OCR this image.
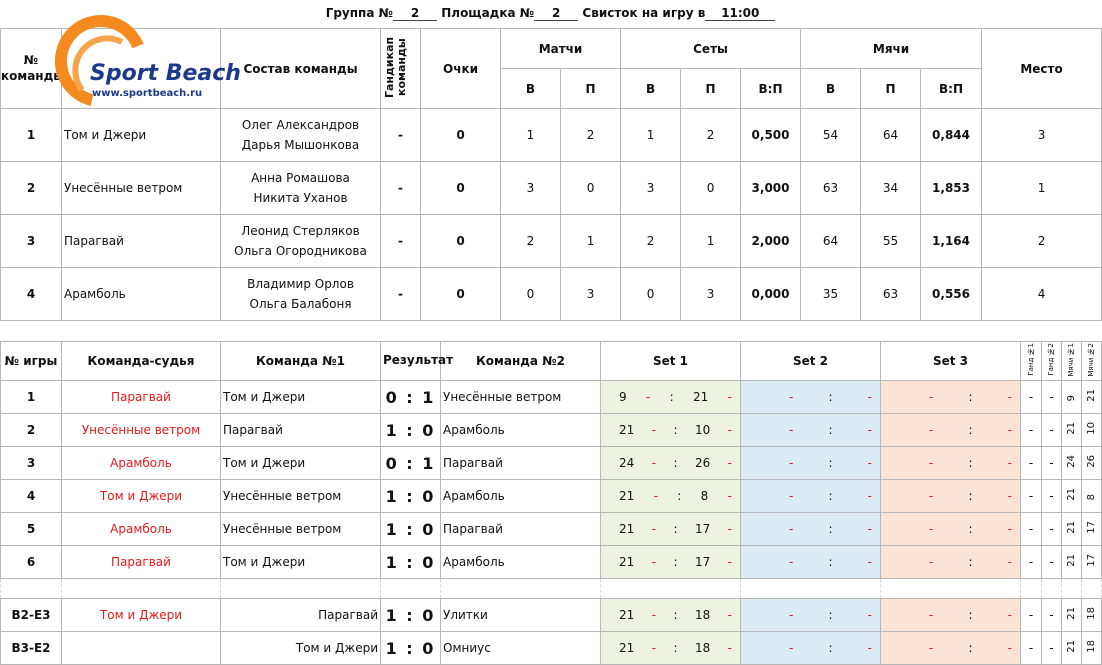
Группа № 2 Площадка № 2 Свисток на игру в 11:00
№ команды	Sport Beach
www.sportbeach.ru	Состав команды	Гандикап команды	Очки	Матчи		Сеты			Мячи			Место
					В	П	В	П	В:П	В	П	В:П	
1	Том и Джери	Олег Александров
Дарья Мышонкова	-	0	1	2	1	2	0,500	54	64	0,844	3
2	Унесённые ветром	Анна Ромашова
Никита Уханов	-	0	3	0	3	0	3,000	63	34	1,853	1
3	Парагвай	Леонид Стерляков
Ольга Огородникова	-	0	2	1	2	1	2,000	64	55	1,164	2
4	Арамболь	Владимир Орлов
Ольга Балабоня	-	0	0	3	0	3	0,000	35	63	0,556	4
№ игры	Команда-судья	Команда №1	Результат	Команда №2	Set 1	Set 2	Set 3	Ганд №1	Ганд №2	Мячи №1	Мячи №2
1	Парагвай	Том и Джери	0 : 1	Унесённые ветром	9 - : 21 -	- : -	- : -	-	-	9	21
2	Унесённые ветром	Парагвай	1 : 0	Арамболь	21 - : 10 -	- : -	- : -	-	-	21	10
3	Арамболь	Том и Джери	0 : 1	Парагвай	24 - : 26 -	- : -	- : -	-	-	24	26
4	Том и Джери	Унесённые ветром	1 : 0	Арамболь	21 - : 8 -	- : -	- : -	-	-	21	8
5	Арамболь	Унесённые ветром	1 : 0	Парагвай	21 - : 17 -	- : -	- : -	-	-	21	17
6	Парагвай	Том и Джери	1 : 0	Арамболь	21 - : 17 -	- : -	- : -	-	-	21	17

В2-Е3	Том и Джери	Парагвай	1 : 0	Улитки	21 - : 18 -	- : -	- : -	-	-	21	18
В3-Е2		Том и Джери	1 : 0	Омниус	21 - : 18 -	- : -	- : -	-	-	21	18
